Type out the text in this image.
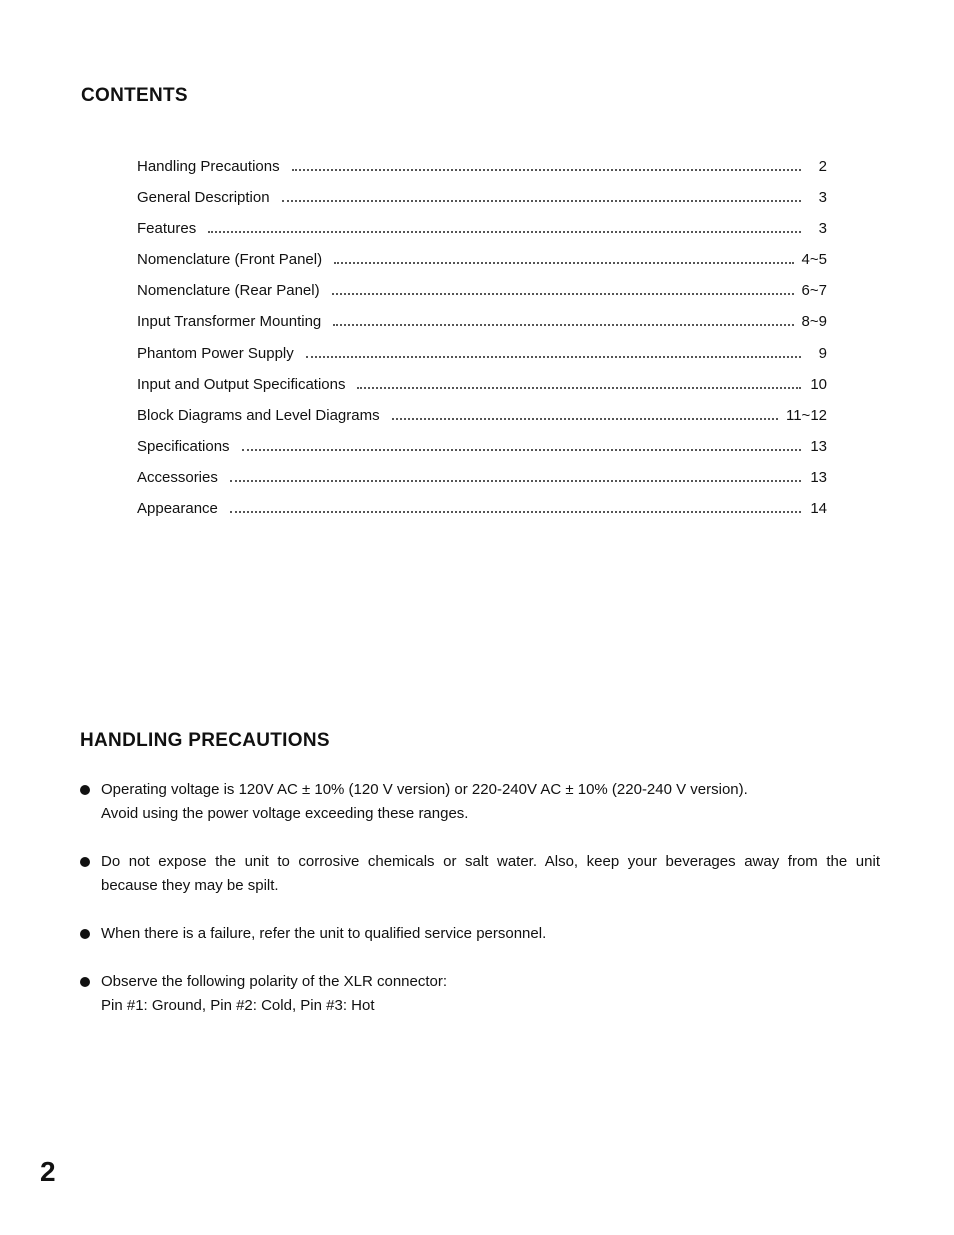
CONTENTS
Handling Precautions	2
General Description	3
Features	3
Nomenclature (Front Panel)	4~5
Nomenclature (Rear Panel)	6~7
Input Transformer Mounting	8~9
Phantom Power Supply	9
Input and Output Specifications	10
Block Diagrams and Level Diagrams	11~12
Specifications	13
Accessories	13
Appearance	14
HANDLING PRECAUTIONS

Operating voltage is 120V AC ± 10% (120 V version) or 220-240V AC ± 10% (220-240 V version).
Avoid using the power voltage exceeding these ranges.

Do not expose the unit to corrosive chemicals or salt water. Also, keep your beverages away from the unit
because they may be spilt.

When there is a failure, refer the unit to qualified service personnel.

Observe the following polarity of the XLR connector:
Pin #1: Ground, Pin #2: Cold, Pin #3: Hot

2
